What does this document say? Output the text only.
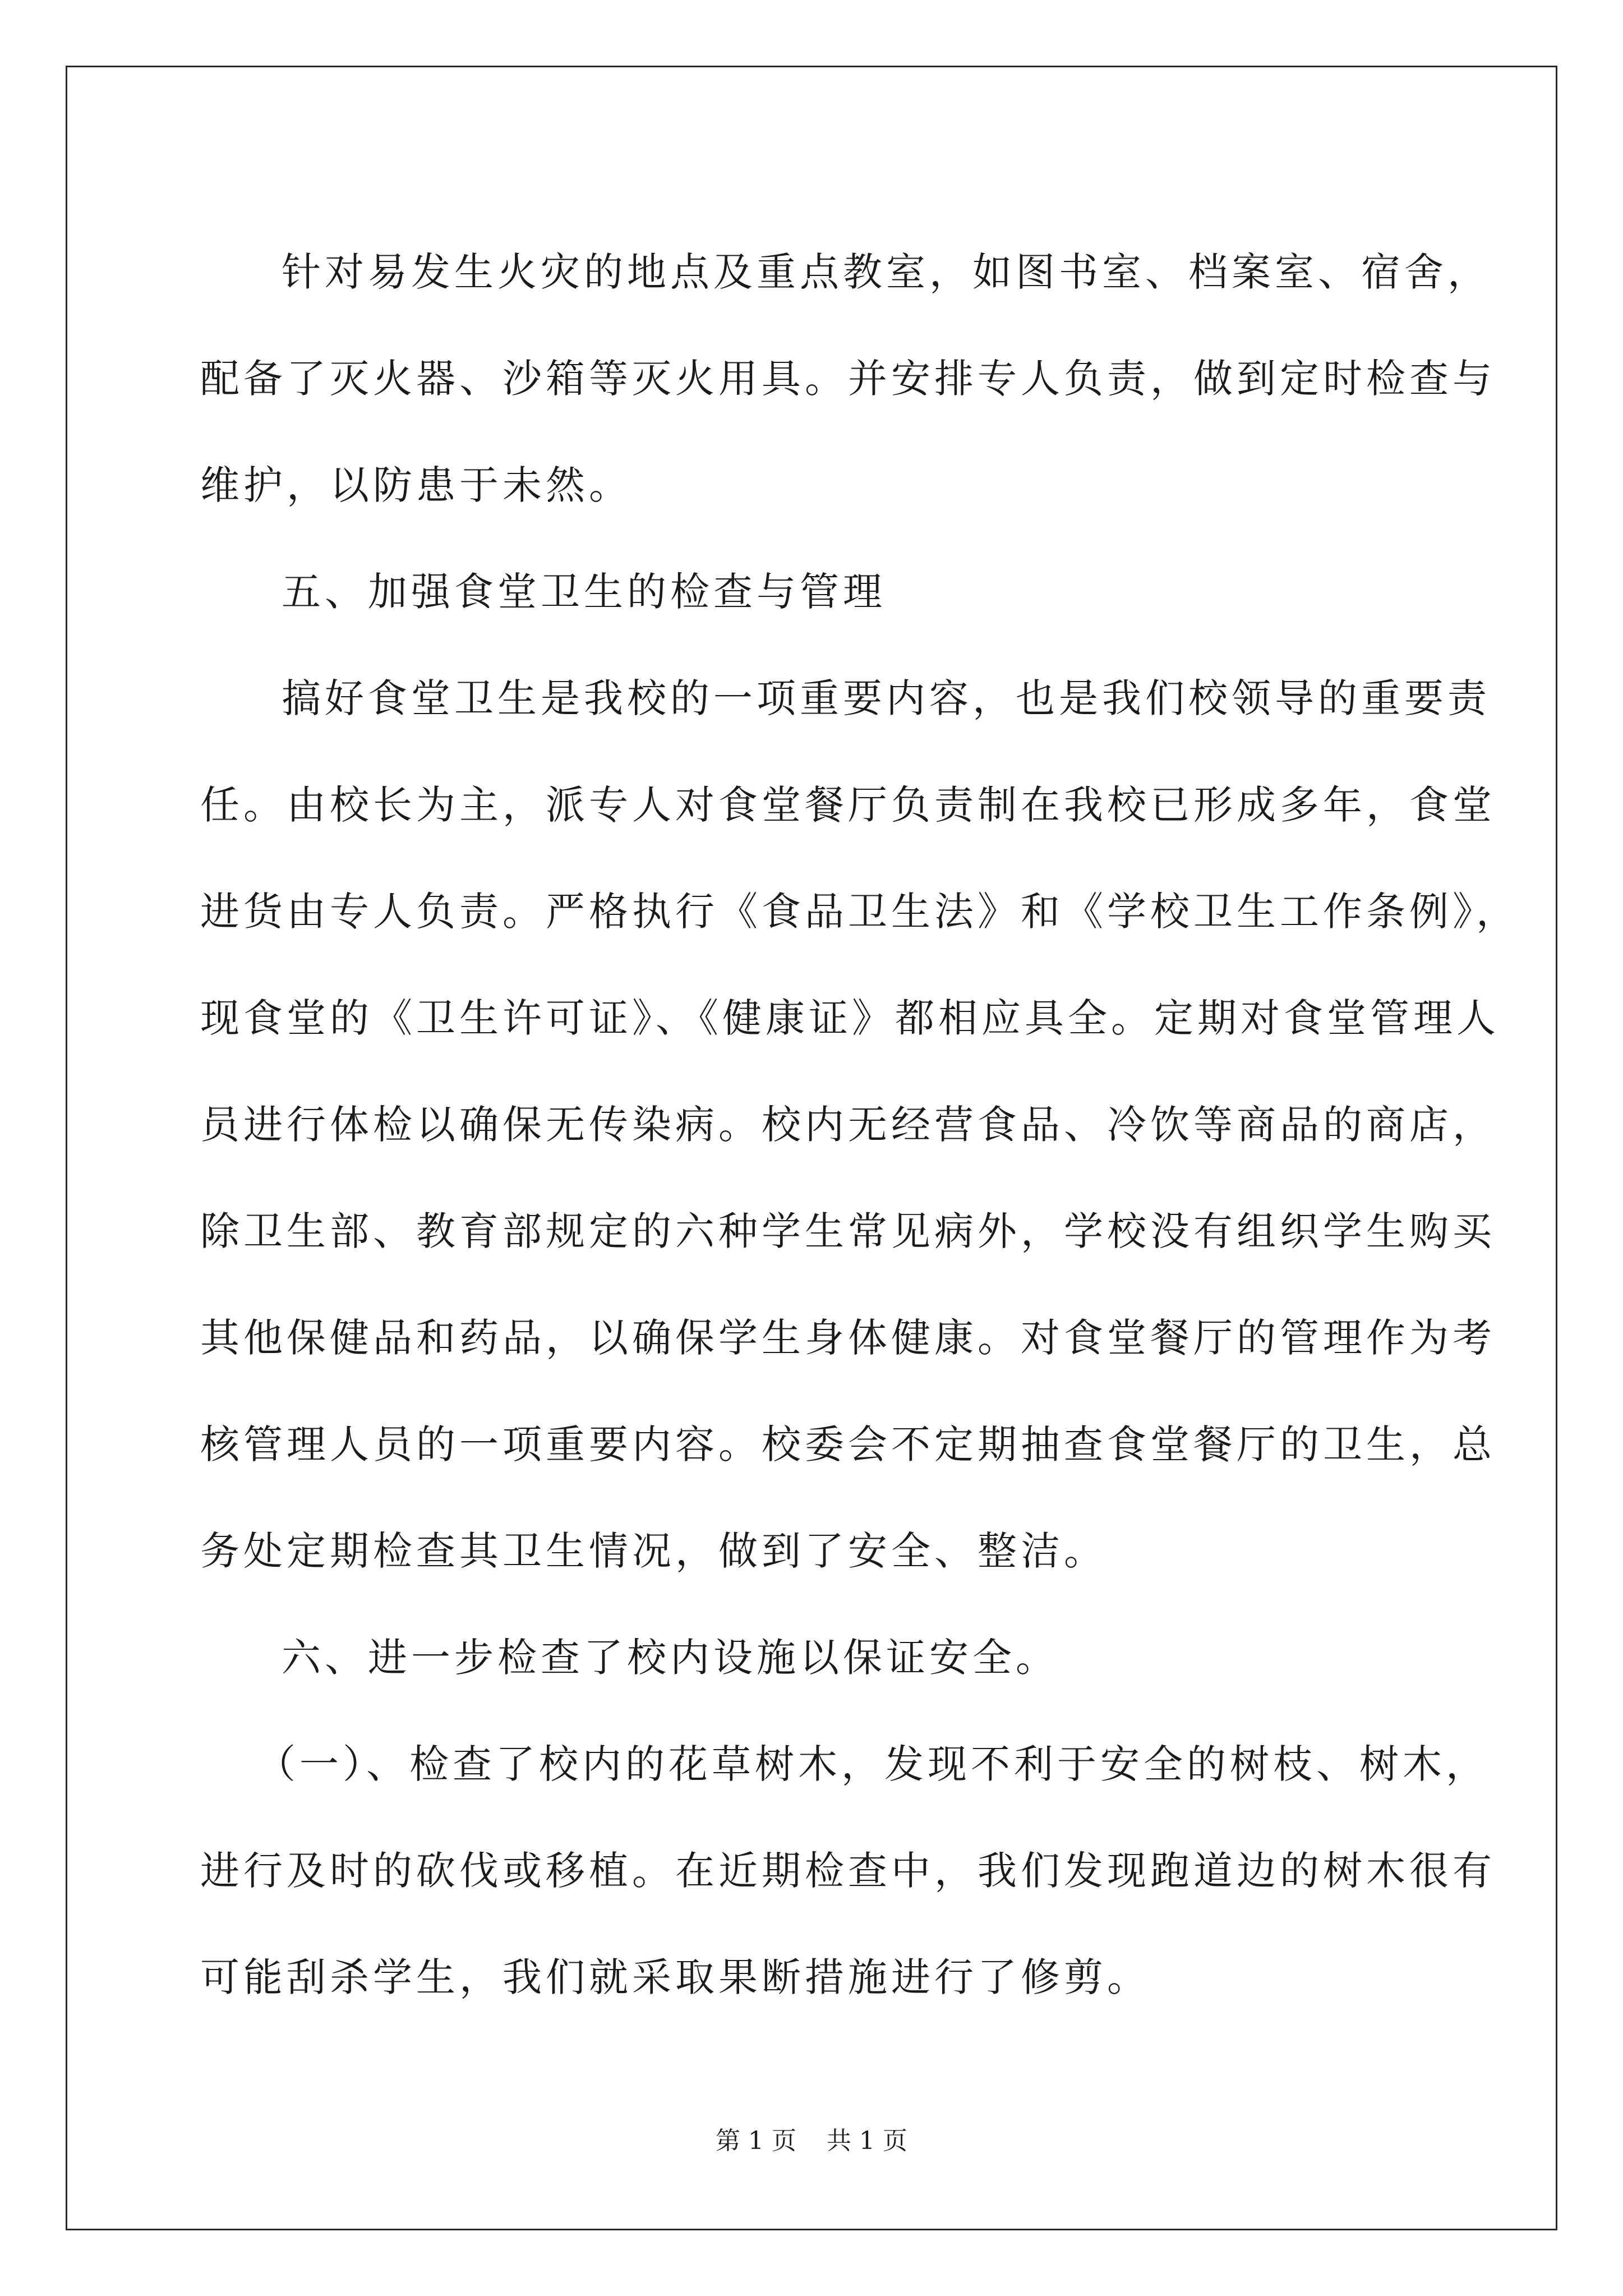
针对易发生火灾的地点及重点教室，如图书室、档案室、宿舍，

配备了灭火器、沙箱等灭火用具。并安排专人负责，做到定时检查与

维护，以防患于未然。

五、加强食堂卫生的检查与管理

搞好食堂卫生是我校的一项重要内容，也是我们校领导的重要责

任。由校长为主，派专人对食堂餐厅负责制在我校已形成多年，食堂

进货由专人负责。严格执行《食品卫生法》和《学校卫生工作条例》，

现食堂的《卫生许可证》、《健康证》都相应具全。定期对食堂管理人

员进行体检以确保无传染病。校内无经营食品、冷饮等商品的商店，

除卫生部、教育部规定的六种学生常见病外，学校没有组织学生购买

其他保健品和药品，以确保学生身体健康。对食堂餐厅的管理作为考

核管理人员的一项重要内容。校委会不定期抽查食堂餐厅的卫生，总

务处定期检查其卫生情况，做到了安全、整洁。

六、进一步检查了校内设施以保证安全。

（一）、检查了校内的花草树木，发现不利于安全的树枝、树木，

进行及时的砍伐或移植。在近期检查中，我们发现跑道边的树木很有

可能刮杀学生，我们就采取果断措施进行了修剪。

第 1 页 共 1 页
